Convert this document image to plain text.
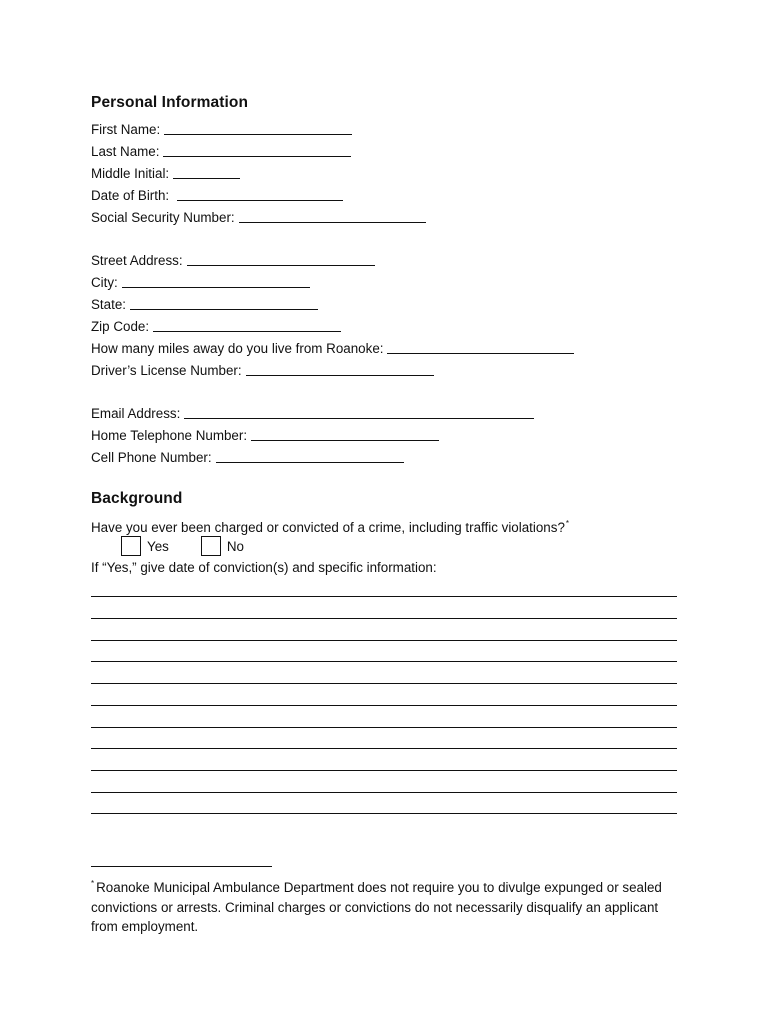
Personal Information
First Name:
Last Name:
Middle Initial:
Date of Birth:
Social Security Number:
Street Address:
City:
State:
Zip Code:
How many miles away do you live from Roanoke:
Driver’s License Number:
Email Address:
Home Telephone Number:
Cell Phone Number:
Background
Have you ever been charged or convicted of a crime, including traffic violations?*
Yes	No
If “Yes,” give date of conviction(s) and specific information:
* Roanoke Municipal Ambulance Department does not require you to divulge expunged or sealed convictions or arrests. Criminal charges or convictions do not necessarily disqualify an applicant from employment.
